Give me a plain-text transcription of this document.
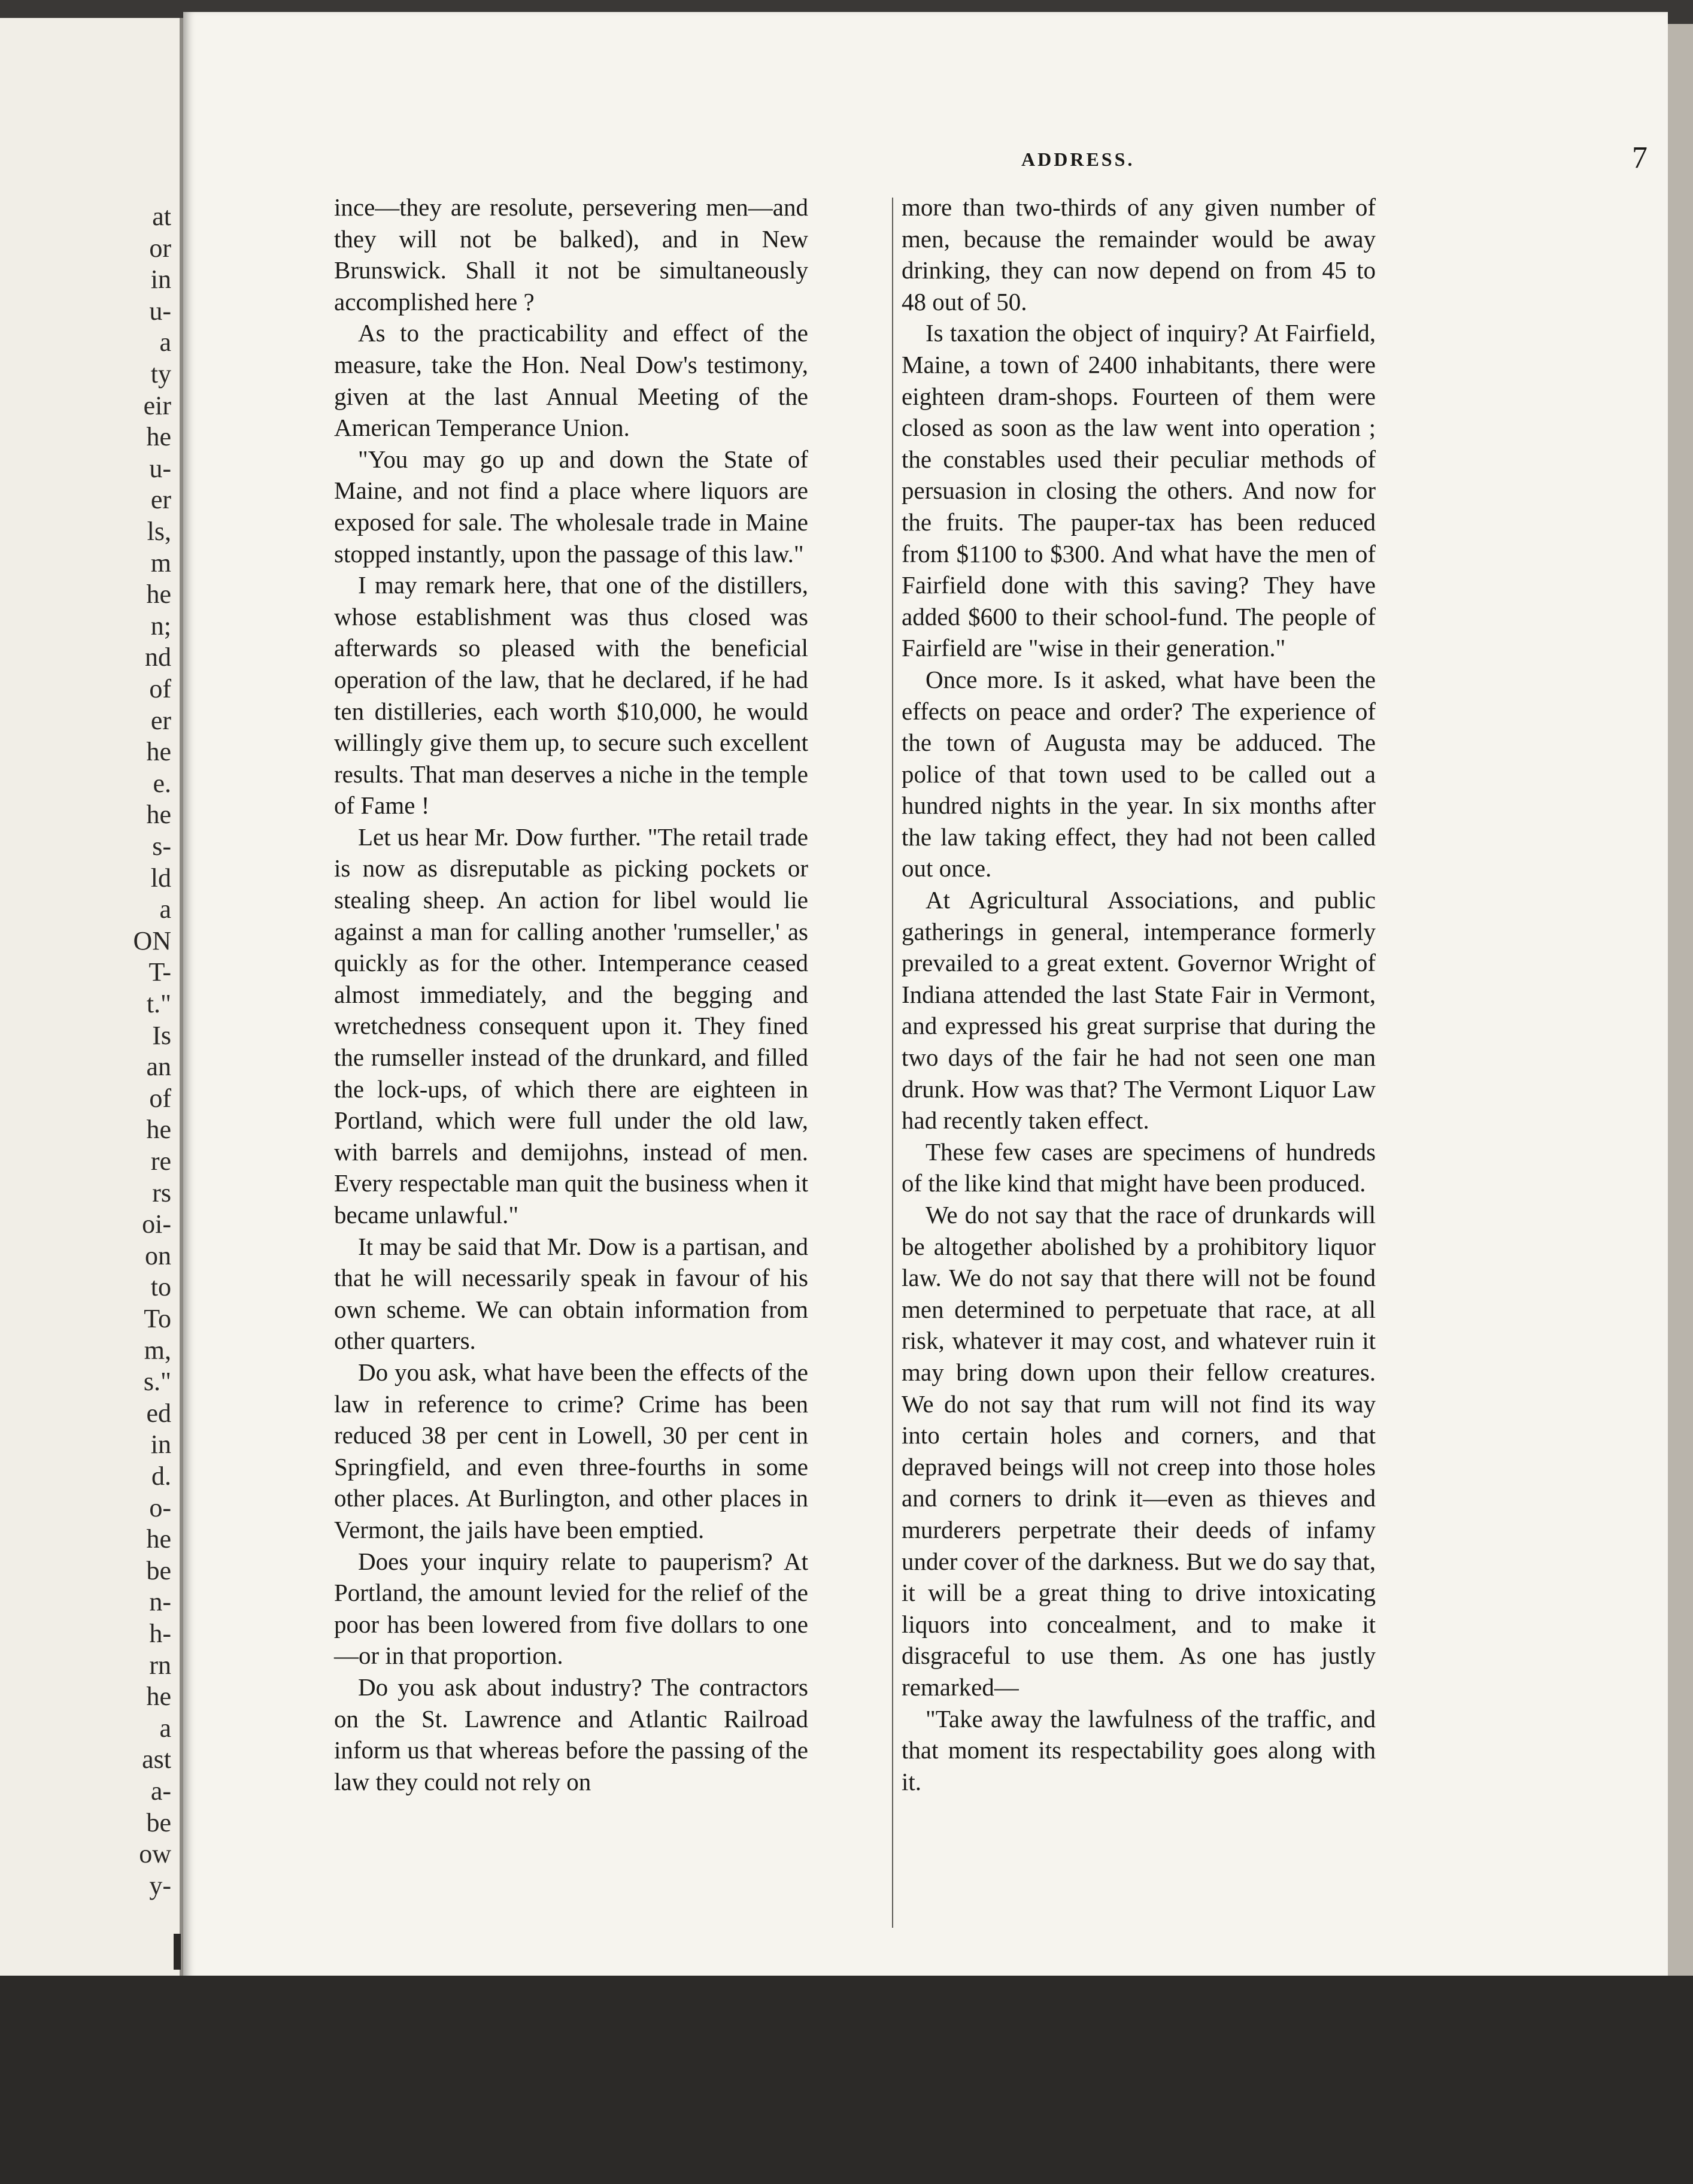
at
or
in
u-
a
ty
eir
he
u-
er
ls,
m
he
n;
nd
of
er
he
e.
he
s-
ld
a
ON
T-
t."
Is
an
of
he
re
rs
oi-
on
to
To
m,
s."
ed
in
d.
o-
he
be
n-
h-
rn
he
a
ast
a-
be
ow
y-
ADDRESS.	7

ince—they are resolute, persevering men—and they will not be balked), and in New Brunswick. Shall it not be simultaneously accomplished here ?

As to the practicability and effect of the measure, take the Hon. Neal Dow's testimony, given at the last Annual Meeting of the American Temperance Union.

"You may go up and down the State of Maine, and not find a place where liquors are exposed for sale. The wholesale trade in Maine stopped instantly, upon the passage of this law."

I may remark here, that one of the distillers, whose establishment was thus closed was afterwards so pleased with the beneficial operation of the law, that he declared, if he had ten distilleries, each worth $10,000, he would willingly give them up, to secure such excellent results. That man deserves a niche in the temple of Fame !

Let us hear Mr. Dow further. "The retail trade is now as disreputable as picking pockets or stealing sheep. An action for libel would lie against a man for calling another 'rumseller,' as quickly as for the other. Intemperance ceased almost immediately, and the begging and wretchedness consequent upon it. They fined the rumseller instead of the drunkard, and filled the lock-ups, of which there are eighteen in Portland, which were full under the old law, with barrels and demijohns, instead of men. Every respectable man quit the business when it became unlawful."

It may be said that Mr. Dow is a partisan, and that he will necessarily speak in favour of his own scheme. We can obtain information from other quarters.

Do you ask, what have been the effects of the law in reference to crime? Crime has been reduced 38 per cent in Lowell, 30 per cent in Springfield, and even three-fourths in some other places. At Burlington, and other places in Vermont, the jails have been emptied.

Does your inquiry relate to pauperism? At Portland, the amount levied for the relief of the poor has been lowered from five dollars to one—or in that proportion.

Do you ask about industry? The contractors on the St. Lawrence and Atlantic Railroad inform us that whereas before the passing of the law they could not rely on

more than two-thirds of any given number of men, because the remainder would be away drinking, they can now depend on from 45 to 48 out of 50.

Is taxation the object of inquiry? At Fairfield, Maine, a town of 2400 inhabitants, there were eighteen dram-shops. Fourteen of them were closed as soon as the law went into operation ; the constables used their peculiar methods of persuasion in closing the others. And now for the fruits. The pauper-tax has been reduced from $1100 to $300. And what have the men of Fairfield done with this saving? They have added $600 to their school-fund. The people of Fairfield are "wise in their generation."

Once more. Is it asked, what have been the effects on peace and order? The experience of the town of Augusta may be adduced. The police of that town used to be called out a hundred nights in the year. In six months after the law taking effect, they had not been called out once.

At Agricultural Associations, and public gatherings in general, intemperance formerly prevailed to a great extent. Governor Wright of Indiana attended the last State Fair in Vermont, and expressed his great surprise that during the two days of the fair he had not seen one man drunk. How was that? The Vermont Liquor Law had recently taken effect.

These few cases are specimens of hundreds of the like kind that might have been produced.

We do not say that the race of drunkards will be altogether abolished by a prohibitory liquor law. We do not say that there will not be found men determined to perpetuate that race, at all risk, whatever it may cost, and whatever ruin it may bring down upon their fellow creatures. We do not say that rum will not find its way into certain holes and corners, and that depraved beings will not creep into those holes and corners to drink it—even as thieves and murderers perpetrate their deeds of infamy under cover of the darkness. But we do say that, it will be a great thing to drive intoxicating liquors into concealment, and to make it disgraceful to use them. As one has justly remarked—

"Take away the lawfulness of the traffic, and that moment its respectability goes along with it.
